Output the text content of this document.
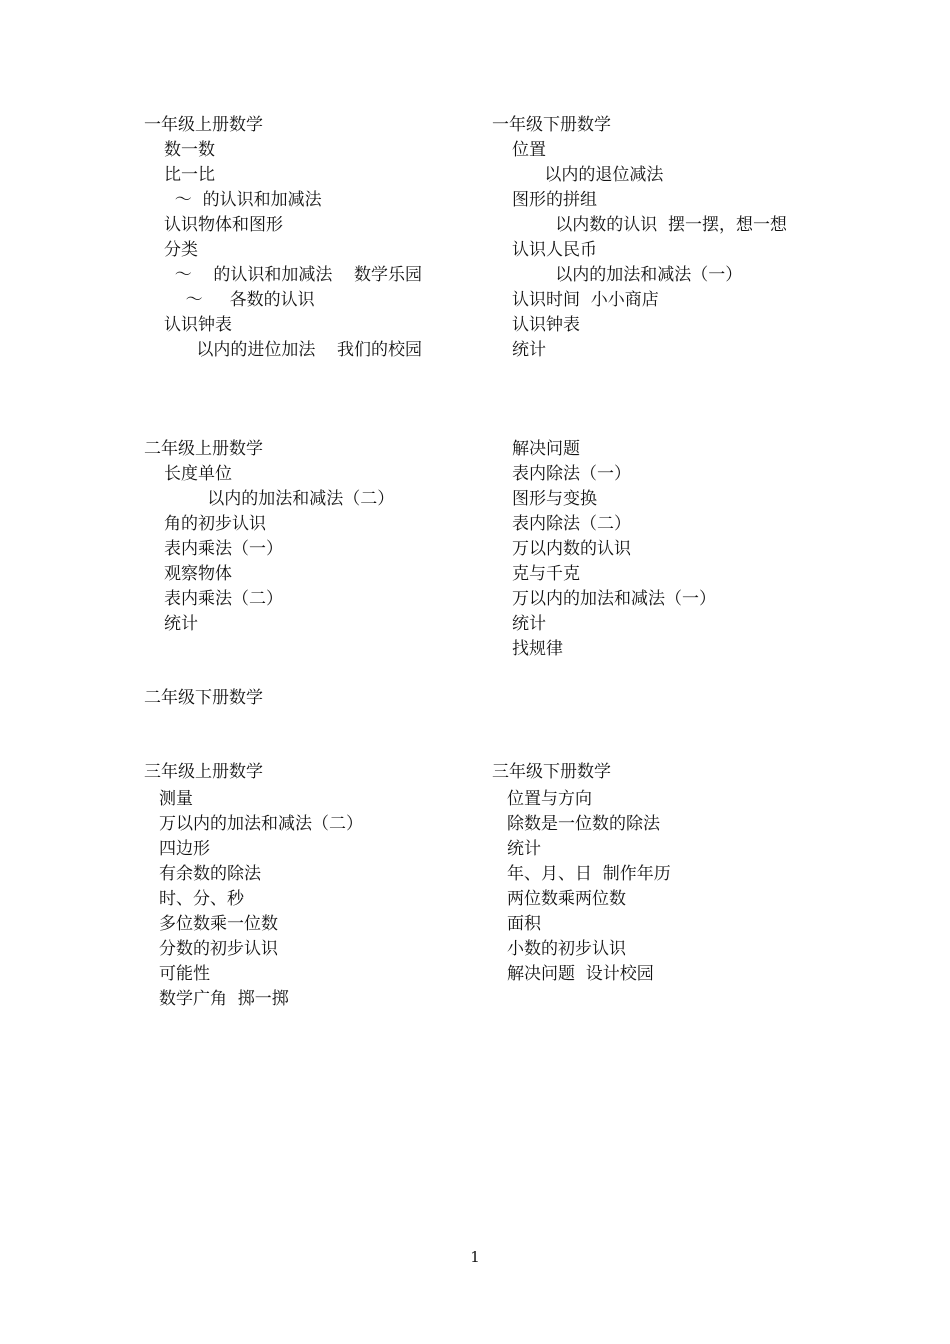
一年级上册数学
数一数
比一比
～  的认识和加减法
认识物体和图形
分类
～    的认识和加减法    数学乐园
～     各数的认识
认识钟表
以内的进位加法    我们的校园
一年级下册数学
位置
以内的退位减法
图形的拼组
以内数的认识  摆一摆，想一想
认识人民币
以内的加法和减法（一）
认识时间  小小商店
认识钟表
统计
二年级上册数学
长度单位
以内的加法和减法（二）
角的初步认识
表内乘法（一）
观察物体
表内乘法（二）
统计
解决问题
表内除法（一）
图形与变换
表内除法（二）
万以内数的认识
克与千克
万以内的加法和减法（一）
统计
找规律
二年级下册数学
三年级上册数学
测量
万以内的加法和减法（二）
四边形
有余数的除法
时、分、秒
多位数乘一位数
分数的初步认识
可能性
数学广角  掷一掷
三年级下册数学
位置与方向
除数是一位数的除法
统计
年、月、日  制作年历
两位数乘两位数
面积
小数的初步认识
解决问题  设计校园
1
